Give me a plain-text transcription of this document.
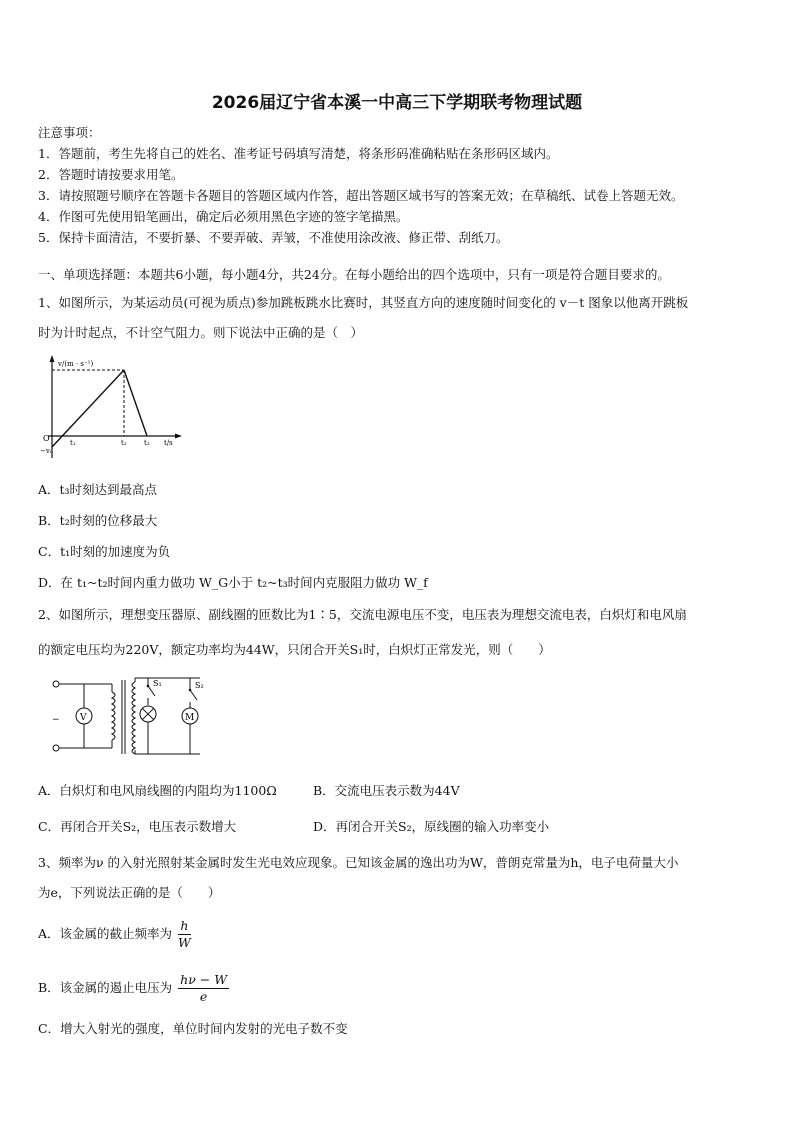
2026届辽宁省本溪一中高三下学期联考物理试题
注意事项：
1．答题前，考生先将自己的姓名、准考证号码填写清楚，将条形码准确粘贴在条形码区域内。
2．答题时请按要求用笔。
3．请按照题号顺序在答题卡各题目的答题区域内作答，超出答题区域书写的答案无效；在草稿纸、试卷上答题无效。
4．作图可先使用铅笔画出，确定后必须用黑色字迹的签字笔描黑。
5．保持卡面清洁，不要折暴、不要弄破、弄皱，不准使用涂改液、修正带、刮纸刀。
一、单项选择题：本题共6小题，每小题4分，共24分。在每小题给出的四个选项中，只有一项是符合题目要求的。
1、如图所示，为某运动员(可视为质点)参加跳板跳水比赛时，其竖直方向的速度随时间变化的 v－t 图象以他离开跳板
时为计时起点，不计空气阻力。则下说法中正确的是（　）
v/(m · s⁻¹)
O
−v₀
t₁	t₂ t₃ t/s
A．t₃时刻达到最高点
B．t₂时刻的位移最大
C．t₁时刻的加速度为负
D．在 t₁~t₂时间内重力做功 W_G小于 t₂~t₃时间内克服阻力做功 W_f
2、如图所示，理想变压器原、副线圈的匝数比为1∶5，交流电源电压不变，电压表为理想交流电表，白炽灯和电风扇
的额定电压均为220V，额定功率均为44W，只闭合开关S₁时，白炽灯正常发光，则（　　）
− V
S₁	S₂
M
A．白炽灯和电风扇线圈的内阻均为1100Ω	B．交流电压表示数为44V
C．再闭合开关S₂，电压表示数增大	D．再闭合开关S₂，原线圈的输入功率变小
3、频率为ν 的入射光照射某金属时发生光电效应现象。已知该金属的逸出功为W，普朗克常量为h，电子电荷量大小
为e，下列说法正确的是（　　）
A．该金属的截止频率为 $\frac{h}{W}$
B．该金属的遏止电压为 $\frac{h\nu - W}{e}$
C．增大入射光的强度，单位时间内发射的光电子数不变
